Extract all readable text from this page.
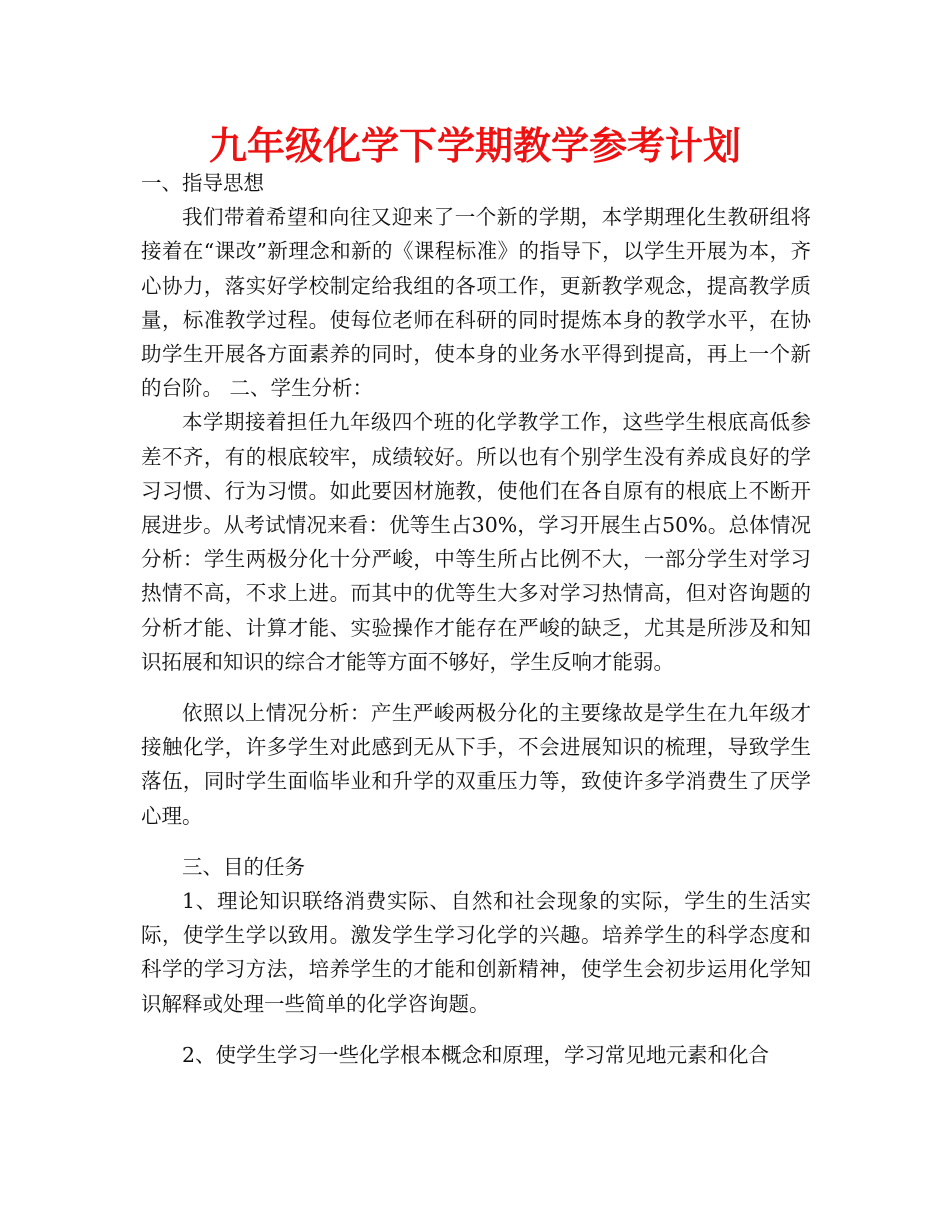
九年级化学下学期教学参考计划

一、指导思想

我们带着希望和向往又迎来了一个新的学期，本学期理化生教研组将接着在“课改”新理念和新的《课程标准》的指导下，以学生开展为本，齐心协力，落实好学校制定给我组的各项工作，更新教学观念，提高教学质量，标准教学过程。使每位老师在科研的同时提炼本身的教学水平，在协助学生开展各方面素养的同时，使本身的业务水平得到提高，再上一个新的台阶。 二、学生分析：

本学期接着担任九年级四个班的化学教学工作，这些学生根底高低参差不齐，有的根底较牢，成绩较好。所以也有个别学生没有养成良好的学习习惯、行为习惯。如此要因材施教，使他们在各自原有的根底上不断开展进步。从考试情况来看：优等生占30%，学习开展生占50%。总体情况分析：学生两极分化十分严峻，中等生所占比例不大，一部分学生对学习热情不高，不求上进。而其中的优等生大多对学习热情高，但对咨询题的分析才能、计算才能、实验操作才能存在严峻的缺乏，尤其是所涉及和知识拓展和知识的综合才能等方面不够好，学生反响才能弱。

依照以上情况分析：产生严峻两极分化的主要缘故是学生在九年级才接触化学，许多学生对此感到无从下手，不会进展知识的梳理，导致学生落伍，同时学生面临毕业和升学的双重压力等，致使许多学消费生了厌学心理。

三、目的任务

1、理论知识联络消费实际、自然和社会现象的实际，学生的生活实际，使学生学以致用。激发学生学习化学的兴趣。培养学生的科学态度和科学的学习方法，培养学生的才能和创新精神，使学生会初步运用化学知识解释或处理一些简单的化学咨询题。

2、使学生学习一些化学根本概念和原理，学习常见地元素和化合
